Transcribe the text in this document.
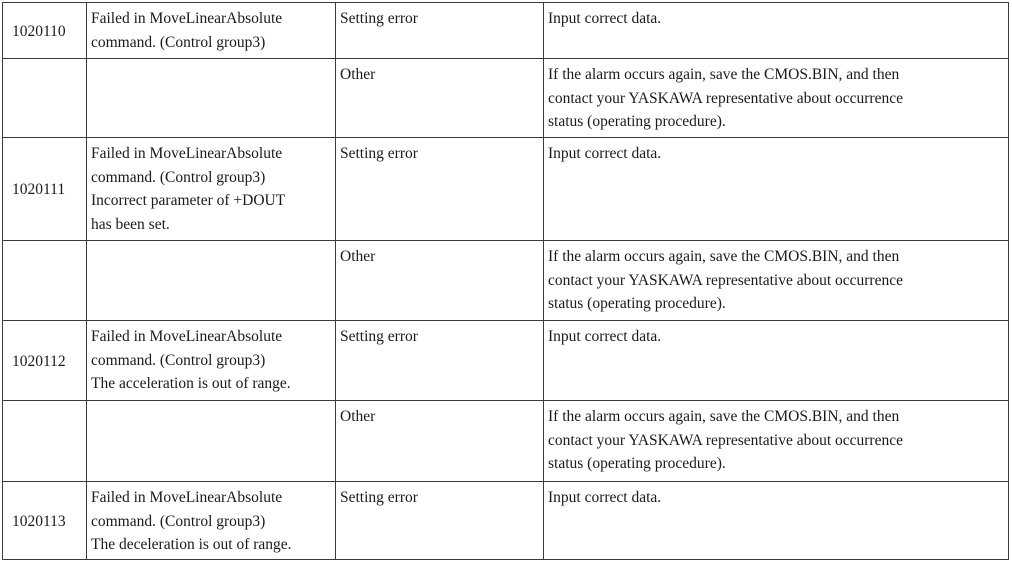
1020110	Failed in MoveLinearAbsolute
command. (Control group3)	Setting error	Input correct data.
		Other	If the alarm occurs again, save the CMOS.BIN, and then
contact your YASKAWA representative about occurrence
status (operating procedure).
1020111	Failed in MoveLinearAbsolute
command. (Control group3)
Incorrect parameter of +DOUT
has been set.	Setting error	Input correct data.
		Other	If the alarm occurs again, save the CMOS.BIN, and then
contact your YASKAWA representative about occurrence
status (operating procedure).
1020112	Failed in MoveLinearAbsolute
command. (Control group3)
The acceleration is out of range.	Setting error	Input correct data.
		Other	If the alarm occurs again, save the CMOS.BIN, and then
contact your YASKAWA representative about occurrence
status (operating procedure).
1020113	Failed in MoveLinearAbsolute
command. (Control group3)
The deceleration is out of range.	Setting error	Input correct data.
